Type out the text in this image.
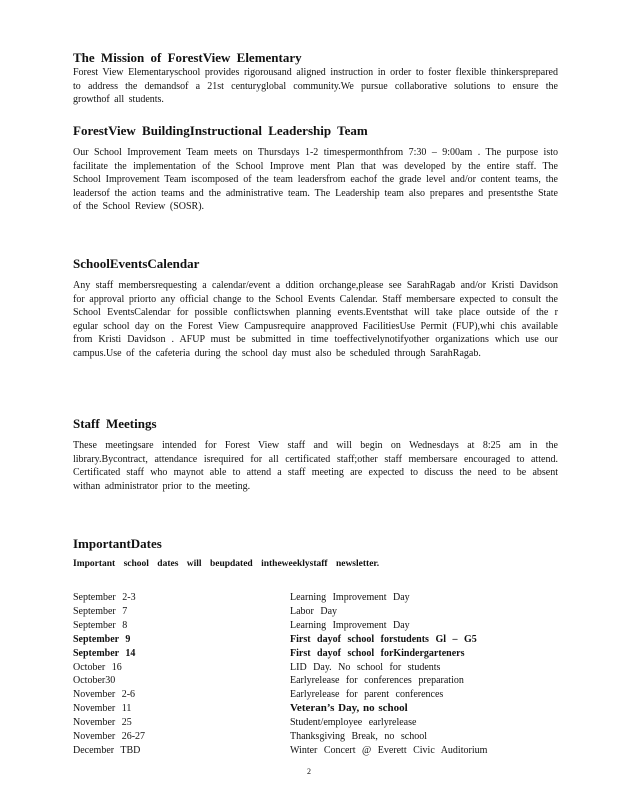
The Mission of ForestView Elementary

Forest View Elementaryschool provides rigorousand aligned instruction in order to foster flexible thinkersprepared to address the demandsof a 21st centuryglobal community.We pursue collaborative solutions to ensure the growthof all students.

ForestView BuildingInstructional Leadership Team

Our School Improvement Team meets on Thursdays 1-2 timespermonthfrom 7:30 – 9:00am . The purpose isto facilitate the implementation of the School Improve ment Plan that was developed by the entire staff. The School Improvement Team iscomposed of the team leadersfrom eachof the grade level and/or content teams, the leadersof the action teams and the administrative team. The Leadership team also prepares and presentsthe State of the School Review (SOSR).

SchoolEventsCalendar

Any staff membersrequesting a calendar/event a ddition orchange,please see SarahRagab and/or Kristi Davidson for approval priorto any official change to the School Events Calendar. Staff membersare expected to consult the School EventsCalendar for possible conflictswhen planning events.Eventsthat will take place outside of the r egular school day on the Forest View Campusrequire anapproved FacilitiesUse Permit (FUP),whi chis available from Kristi Davidson . AFUP must be submitted in time toeffectivelynotifyother organizations which use our campus.Use of the cafeteria during the school day must also be scheduled through SarahRagab.

Staff Meetings

These meetingsare intended for Forest View staff and will begin on Wednesdays at 8:25 am in the library.Bycontract, attendance isrequired for all certificated staff;other staff membersare encouraged to attend. Certificated staff who maynot able to attend a staff meeting are expected to discuss the need to be absent withan administrator prior to the meeting.

ImportantDates

Important school dates will beupdated intheweeklystaff newsletter.

September 2-3	Learning Improvement Day
September 7	Labor Day
September 8	Learning Improvement Day
September 9	First dayof school forstudents Gl – G5
September 14	First dayof school forKindergarteners
October 16	LID Day. No school for students
October30	Earlyrelease for conferences preparation
November 2-6	Earlyrelease for parent conferences
November 11	Veteran’s Day, no school
November 25	Student/employee earlyrelease
November 26-27	Thanksgiving Break, no school
December TBD	Winter Concert @ Everett Civic Auditorium
2
